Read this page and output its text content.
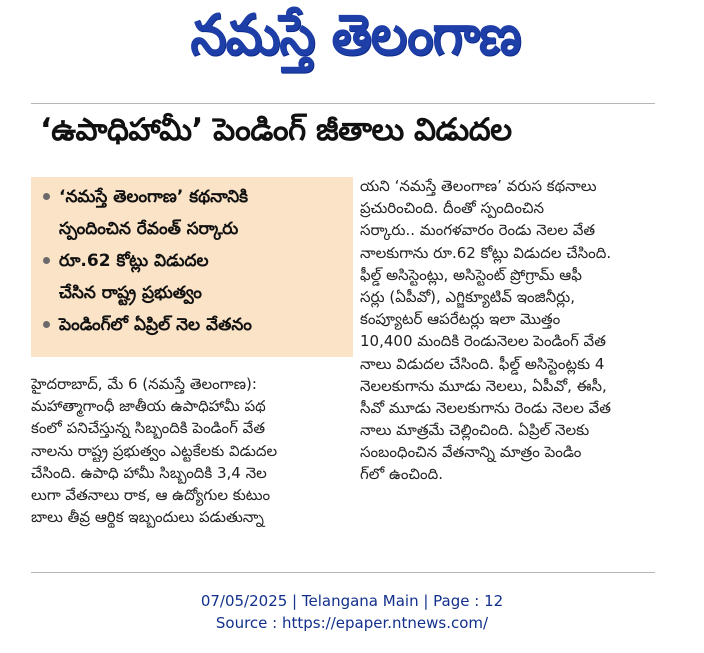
నమస్తే తెలంగాణ
‘ఉపాధిహామీ’ పెండింగ్ జీతాలు విడుదల
‘నమస్తే తెలంగాణ’ కథనానికి
స్పందించిన రేవంత్ సర్కారు
రూ.62 కోట్లు విడుదల
చేసిన రాష్ట్ర ప్రభుత్వం
పెండింగ్‌లో ఏప్రిల్ నెల వేతనం
హైదరాబాద్, మే 6 (నమస్తే తెలంగాణ):
మహాత్మాగాంధీ జాతీయ ఉపాధిహామీ పథ
కంలో పనిచేస్తున్న సిబ్బందికి పెండింగ్ వేత
నాలను రాష్ట్ర ప్రభుత్వం ఎట్టకేలకు విడుదల
చేసింది. ఉపాధి హామీ సిబ్బందికి 3,4 నెల
లుగా వేతనాలు రాక, ఆ ఉద్యోగుల కుటుం
బాలు తీవ్ర ఆర్థిక ఇబ్బందులు పడుతున్నా
యని ‘నమస్తే తెలంగాణ’ వరుస కథనాలు
ప్రచురించింది. దీంతో స్పందించిన
సర్కారు.. మంగళవారం రెండు నెలల వేత
నాలకుగాను రూ.62 కోట్లు విడుదల చేసింది.
ఫీల్డ్ అసిస్టెంట్లు, అసిస్టెంట్ ప్రోగ్రామ్ ఆఫీ
సర్లు (ఏపీవో), ఎగ్జిక్యూటివ్ ఇంజినీర్లు,
కంప్యూటర్ ఆపరేటర్లు ఇలా మొత్తం
10,400 మందికి రెండునెలల పెండింగ్ వేత
నాలు విడుదల చేసింది. ఫీల్డ్ అసిస్టెంట్లకు 4
నెలలకుగాను మూడు నెలలు, ఏపీవో, ఈసీ,
సీవో మూడు నెలలకుగాను రెండు నెలల వేత
నాలు మాత్రమే చెల్లించింది. ఏప్రిల్ నెలకు
సంబంధించిన వేతనాన్ని మాత్రం పెండిం
గ్‌లో ఉంచింది.
07/05/2025 | Telangana Main | Page : 12
Source : https://epaper.ntnews.com/
